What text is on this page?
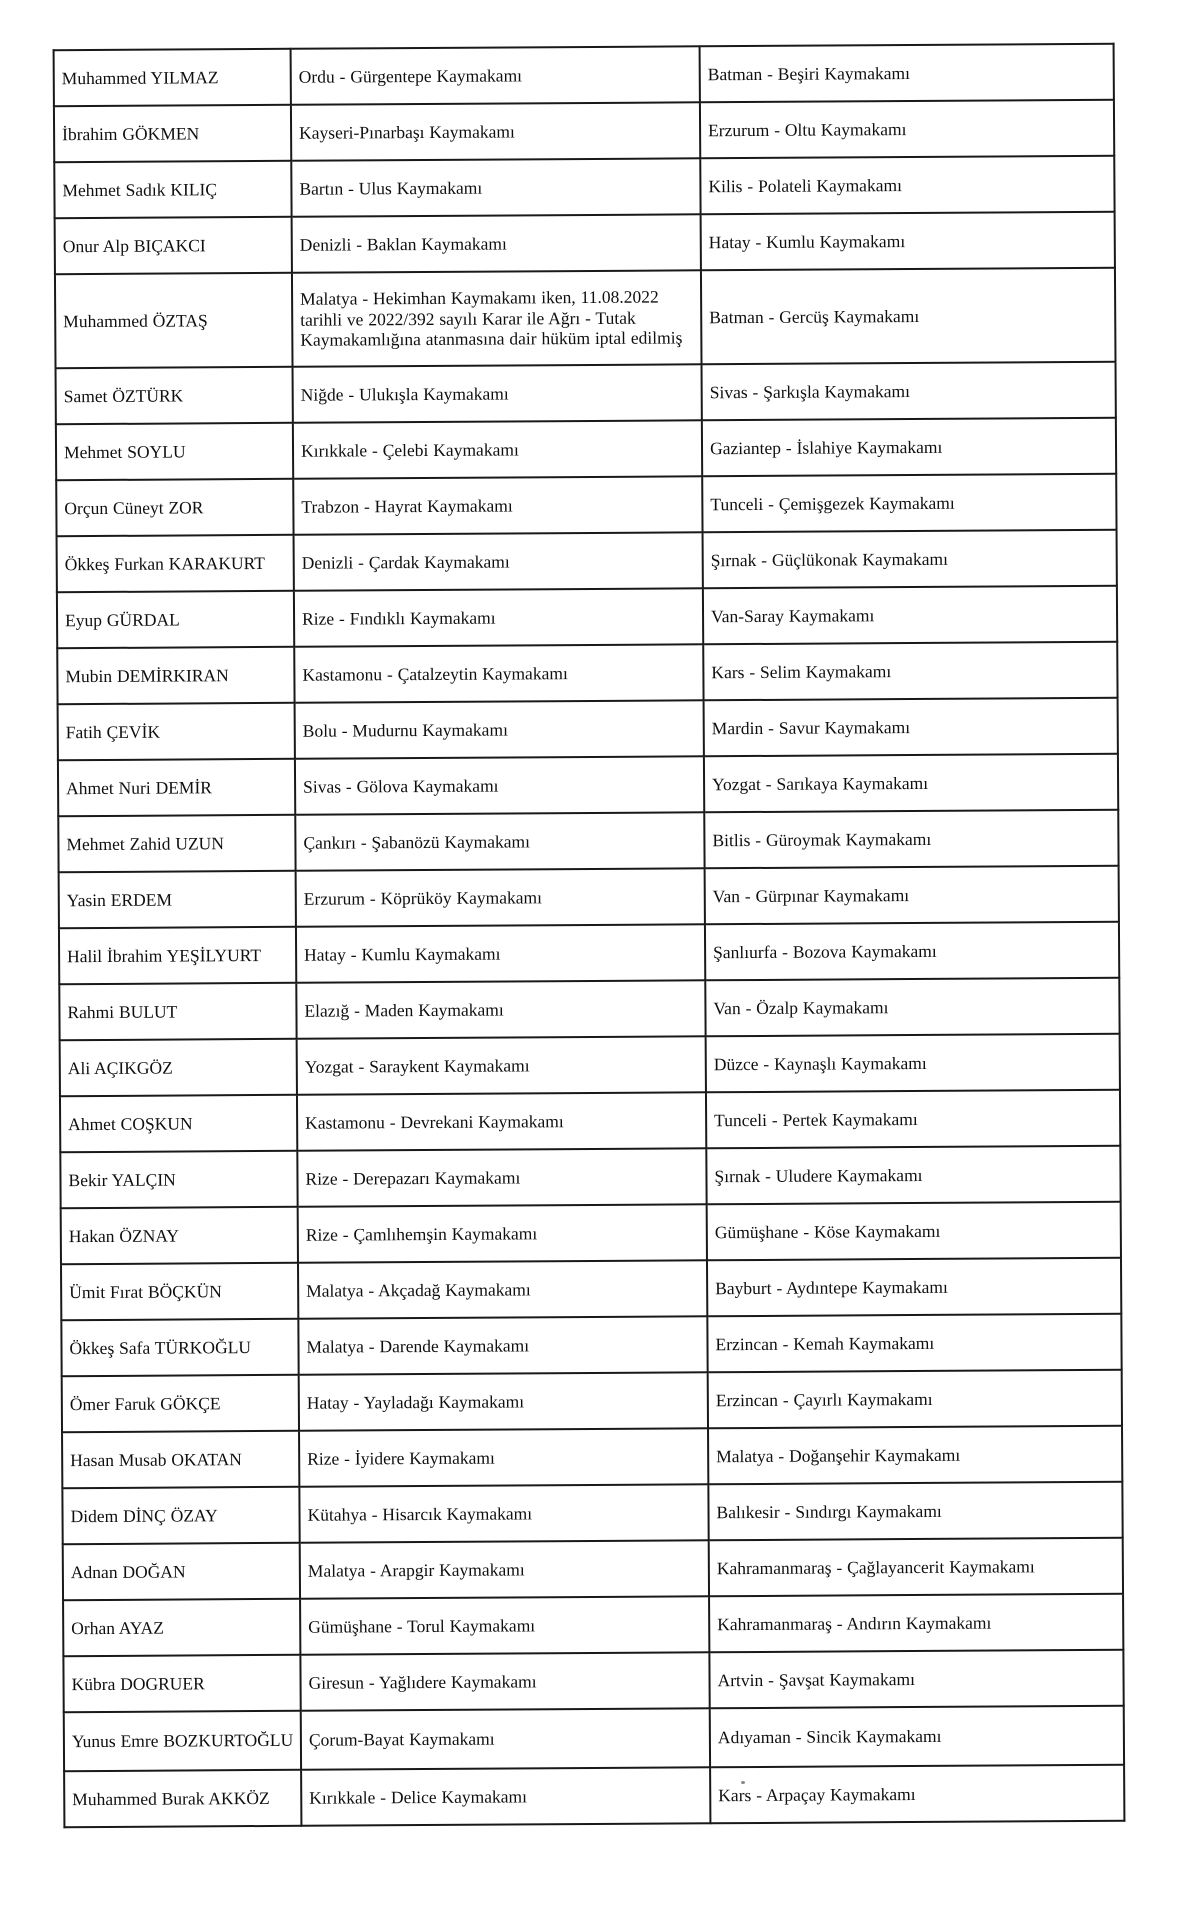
Muhammed YILMAZ	Ordu - Gürgentepe Kaymakamı	Batman - Beşiri Kaymakamı
İbrahim GÖKMEN	Kayseri-Pınarbaşı Kaymakamı	Erzurum - Oltu Kaymakamı
Mehmet Sadık KILIÇ	Bartın - Ulus Kaymakamı	Kilis - Polateli Kaymakamı
Onur Alp BIÇAKCI	Denizli - Baklan Kaymakamı	Hatay - Kumlu Kaymakamı
Muhammed ÖZTAŞ	Malatya - Hekimhan Kaymakamı iken, 11.08.2022 tarihli ve 2022/392 sayılı Karar ile Ağrı - Tutak Kaymakamlığına atanmasına dair hüküm iptal edilmiş	Batman - Gercüş Kaymakamı
Samet ÖZTÜRK	Niğde - Ulukışla Kaymakamı	Sivas - Şarkışla Kaymakamı
Mehmet SOYLU	Kırıkkale - Çelebi Kaymakamı	Gaziantep - İslahiye Kaymakamı
Orçun Cüneyt ZOR	Trabzon - Hayrat Kaymakamı	Tunceli - Çemişgezek Kaymakamı
Ökkeş Furkan KARAKURT	Denizli - Çardak Kaymakamı	Şırnak - Güçlükonak Kaymakamı
Eyup GÜRDAL	Rize - Fındıklı Kaymakamı	Van-Saray Kaymakamı
Mubin DEMİRKIRAN	Kastamonu - Çatalzeytin Kaymakamı	Kars - Selim Kaymakamı
Fatih ÇEVİK	Bolu - Mudurnu Kaymakamı	Mardin - Savur Kaymakamı
Ahmet Nuri DEMİR	Sivas - Gölova Kaymakamı	Yozgat - Sarıkaya Kaymakamı
Mehmet Zahid UZUN	Çankırı - Şabanözü Kaymakamı	Bitlis - Güroymak Kaymakamı
Yasin ERDEM	Erzurum - Köprüköy Kaymakamı	Van - Gürpınar Kaymakamı
Halil İbrahim YEŞİLYURT	Hatay - Kumlu Kaymakamı	Şanlıurfa - Bozova Kaymakamı
Rahmi BULUT	Elazığ - Maden Kaymakamı	Van - Özalp Kaymakamı
Ali AÇIKGÖZ	Yozgat - Saraykent Kaymakamı	Düzce - Kaynaşlı Kaymakamı
Ahmet COŞKUN	Kastamonu - Devrekani Kaymakamı	Tunceli - Pertek Kaymakamı
Bekir YALÇIN	Rize - Derepazarı Kaymakamı	Şırnak - Uludere Kaymakamı
Hakan ÖZNAY	Rize - Çamlıhemşin Kaymakamı	Gümüşhane - Köse Kaymakamı
Ümit Fırat BÖÇKÜN	Malatya - Akçadağ Kaymakamı	Bayburt - Aydıntepe Kaymakamı
Ökkeş Safa TÜRKOĞLU	Malatya - Darende Kaymakamı	Erzincan - Kemah Kaymakamı
Ömer Faruk GÖKÇE	Hatay - Yayladağı Kaymakamı	Erzincan - Çayırlı Kaymakamı
Hasan Musab OKATAN	Rize - İyidere Kaymakamı	Malatya - Doğanşehir Kaymakamı
Didem DİNÇ ÖZAY	Kütahya - Hisarcık Kaymakamı	Balıkesir - Sındırgı Kaymakamı
Adnan DOĞAN	Malatya - Arapgir Kaymakamı	Kahramanmaraş - Çağlayancerit Kaymakamı
Orhan AYAZ	Gümüşhane - Torul Kaymakamı	Kahramanmaraş - Andırın Kaymakamı
Kübra DOGRUER	Giresun - Yağlıdere Kaymakamı	Artvin - Şavşat Kaymakamı
Yunus Emre BOZKURTOĞLU	Çorum-Bayat Kaymakamı	Adıyaman - Sincik Kaymakamı
Muhammed Burak AKKÖZ	Kırıkkale - Delice Kaymakamı	Kars - Arpaçay Kaymakamı
